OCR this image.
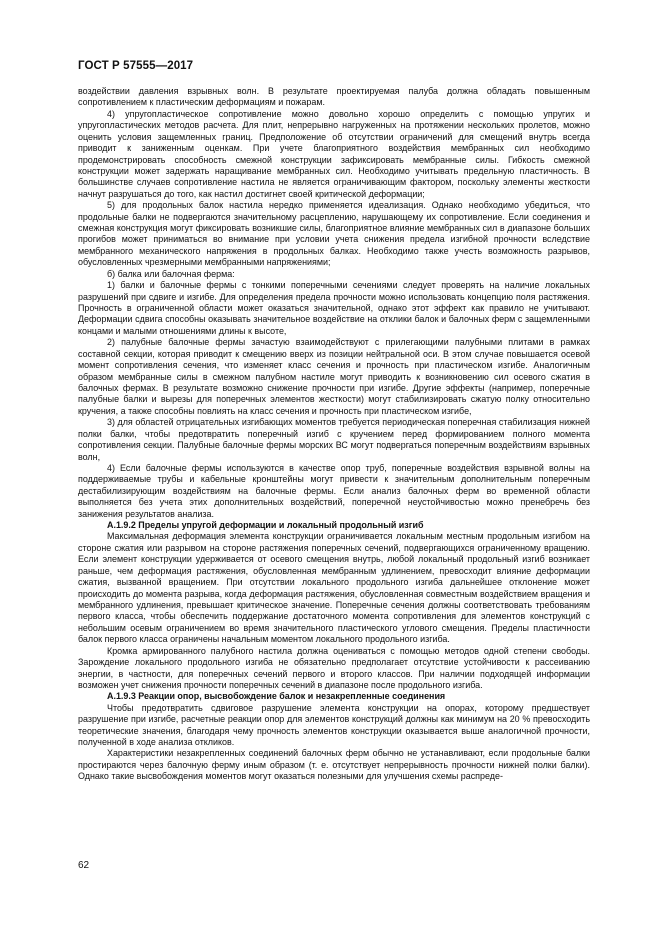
ГОСТ Р 57555—2017

воздействии давления взрывных волн. В результате проектируемая палуба должна обладать повышенным сопротивлением к пластическим деформациям и пожарам.

4) упругопластическое сопротивление можно довольно хорошо определить с помощью упругих и упругопластических методов расчета. Для плит, непрерывно нагруженных на протяжении нескольких пролетов, можно оценить условия защемленных границ. Предположение об отсутствии ограничений для смещений внутрь всегда приводит к заниженным оценкам. При учете благоприятного воздействия мембранных сил необходимо продемонстрировать способность смежной конструкции зафиксировать мембранные силы. Гибкость смежной конструкции может задержать наращивание мембранных сил. Необходимо учитывать предельную пластичность. В большинстве случаев сопротивление настила не является ограничивающим фактором, поскольку элементы жесткости начнут разрушаться до того, как настил достигнет своей критической деформации;

5) для продольных балок настила нередко применяется идеализация. Однако необходимо убедиться, что продольные балки не подвергаются значительному расцеплению, нарушающему их сопротивление. Если соединения и смежная конструкция могут фиксировать возникшие силы, благоприятное влияние мембранных сил в диапазоне больших прогибов может приниматься во внимание при условии учета снижения предела изгибной прочности вследствие мембранного механического напряжения в продольных балках. Необходимо также учесть возможность разрывов, обусловленных чрезмерными мембранными напряжениями;

б) балка или балочная ферма:

1) балки и балочные фермы с тонкими поперечными сечениями следует проверять на наличие локальных разрушений при сдвиге и изгибе. Для определения предела прочности можно использовать концепцию поля растяжения. Прочность в ограниченной области может оказаться значительной, однако этот эффект как правило не учитывают. Деформации сдвига способны оказывать значительное воздействие на отклики балок и балочных ферм с защемленными концами и малыми отношениями длины к высоте,

2) палубные балочные фермы зачастую взаимодействуют с прилегающими палубными плитами в рамках составной секции, которая приводит к смещению вверх из позиции нейтральной оси. В этом случае повышается осевой момент сопротивления сечения, что изменяет класс сечения и прочность при пластическом изгибе. Аналогичным образом мембранные силы в смежном палубном настиле могут приводить к возникновению сил осевого сжатия в балочных фермах. В результате возможно снижение прочности при изгибе. Другие эффекты (например, поперечные палубные балки и вырезы для поперечных элементов жесткости) могут стабилизировать сжатую полку относительно кручения, а также способны повлиять на класс сечения и прочность при пластическом изгибе,

3) для областей отрицательных изгибающих моментов требуется периодическая поперечная стабилизация нижней полки балки, чтобы предотвратить поперечный изгиб с кручением перед формированием полного момента сопротивления секции. Палубные балочные фермы морских ВС могут подвергаться поперечным воздействиям взрывных волн,

4) Если балочные фермы используются в качестве опор труб, поперечные воздействия взрывной волны на поддерживаемые трубы и кабельные кронштейны могут привести к значительным дополнительным поперечным дестабилизирующим воздействиям на балочные фермы. Если анализ балочных ферм во временной области выполняется без учета этих дополнительных воздействий, поперечной неустойчивостью можно пренебречь без занижения результатов анализа.

А.1.9.2 Пределы упругой деформации и локальный продольный изгиб

Максимальная деформация элемента конструкции ограничивается локальным местным продольным изгибом на стороне сжатия или разрывом на стороне растяжения поперечных сечений, подвергающихся ограниченному вращению. Если элемент конструкции удерживается от осевого смещения внутрь, любой локальный продольный изгиб возникает раньше, чем деформация растяжения, обусловленная мембранным удлинением, превосходит влияние деформации сжатия, вызванной вращением. При отсутствии локального продольного изгиба дальнейшее отклонение может происходить до момента разрыва, когда деформация растяжения, обусловленная совместным воздействием вращения и мембранного удлинения, превышает критическое значение. Поперечные сечения должны соответствовать требованиям первого класса, чтобы обеспечить поддержание достаточного момента сопротивления для элементов конструкций с небольшим осевым ограничением во время значительного пластического углового смещения. Пределы пластичности балок первого класса ограничены начальным моментом локального продольного изгиба.

Кромка армированного палубного настила должна оцениваться с помощью методов одной степени свободы. Зарождение локального продольного изгиба не обязательно предполагает отсутствие устойчивости к рассеиванию энергии, в частности, для поперечных сечений первого и второго классов. При наличии подходящей информации возможен учет снижения прочности поперечных сечений в диапазоне после продольного изгиба.

А.1.9.3 Реакции опор, высвобождение балок и незакрепленные соединения

Чтобы предотвратить сдвиговое разрушение элемента конструкции на опорах, которому предшествует разрушение при изгибе, расчетные реакции опор для элементов конструкций должны как минимум на 20 % превосходить теоретические значения, благодаря чему прочность элементов конструкции оказывается выше аналогичной прочности, полученной в ходе анализа откликов.

Характеристики незакрепленных соединений балочных ферм обычно не устанавливают, если продольные балки простираются через балочную ферму иным образом (т. е. отсутствует непрерывность прочности нижней полки балки). Однако такие высвобождения моментов могут оказаться полезными для улучшения схемы распреде-

62
